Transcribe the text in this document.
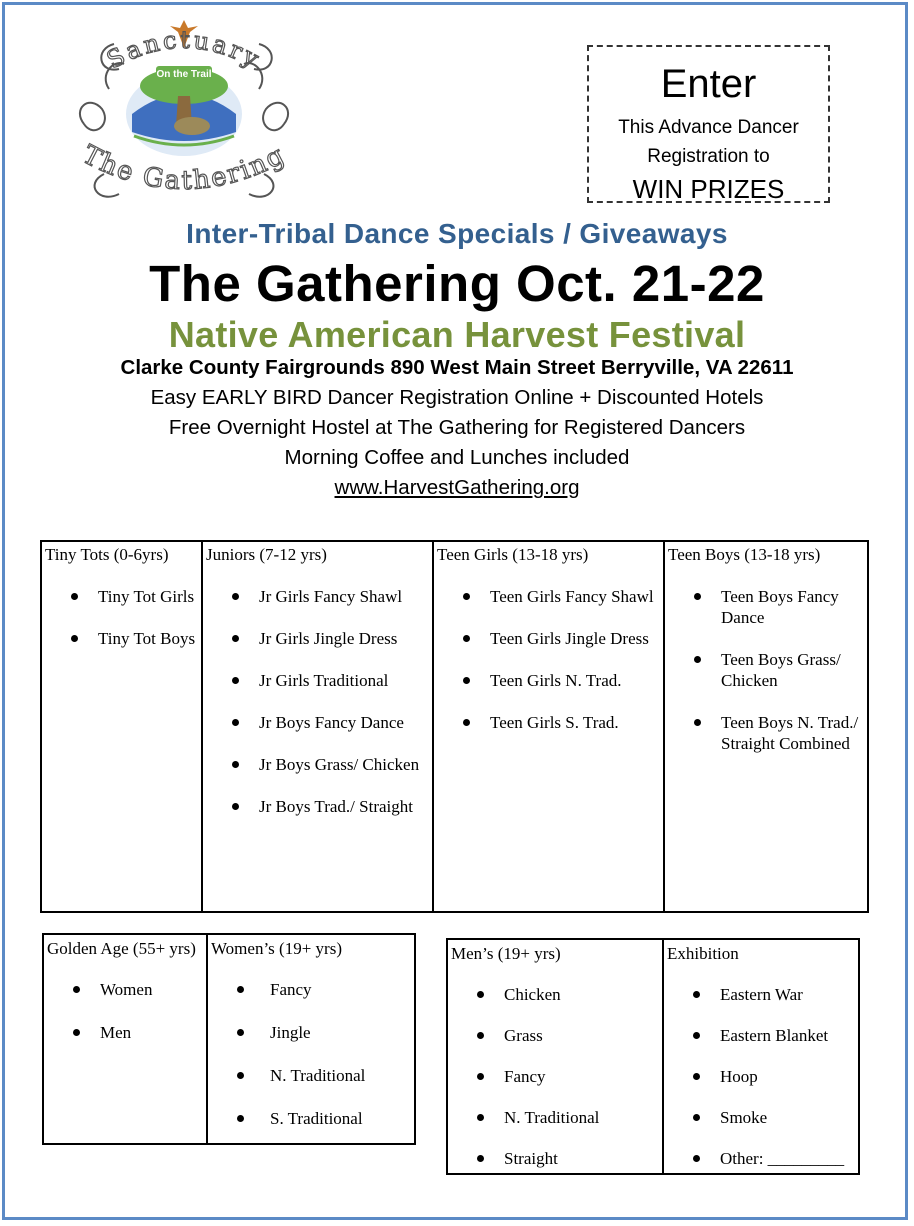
On the Trail
Sanctuary
The Gathering
Enter
This Advance Dancer
Registration to
WIN PRIZES
Inter-Tribal Dance Specials / Giveaways
The Gathering Oct. 21-22
Native American Harvest Festival
Clarke County Fairgrounds 890 West Main Street Berryville, VA 22611
Easy EARLY BIRD Dancer Registration Online + Discounted Hotels
Free Overnight Hostel at The Gathering for Registered Dancers
Morning Coffee and Lunches included
www.HarvestGathering.org
Tiny Tots (0-6yrs)
Tiny Tot Girls
Tiny Tot Boys

Juniors (7-12 yrs)
Jr Girls Fancy Shawl
Jr Girls Jingle Dress
Jr Girls Traditional
Jr Boys Fancy Dance
Jr Boys Grass/ Chicken
Jr Boys Trad./ Straight

Teen Girls (13-18 yrs)
Teen Girls Fancy Shawl
Teen Girls Jingle Dress
Teen Girls N. Trad.
Teen Girls S. Trad.

Teen Boys (13-18 yrs)
Teen Boys Fancy Dance
Teen Boys Grass/ Chicken
Teen Boys N. Trad./ Straight Combined
Golden Age (55+ yrs)
Women
Men

Women’s (19+ yrs)
Fancy
Jingle
N. Traditional
S. Traditional
Men’s (19+ yrs)
Chicken
Grass
Fancy
N. Traditional
Straight

Exhibition
Eastern War
Eastern Blanket
Hoop
Smoke
Other: _________
